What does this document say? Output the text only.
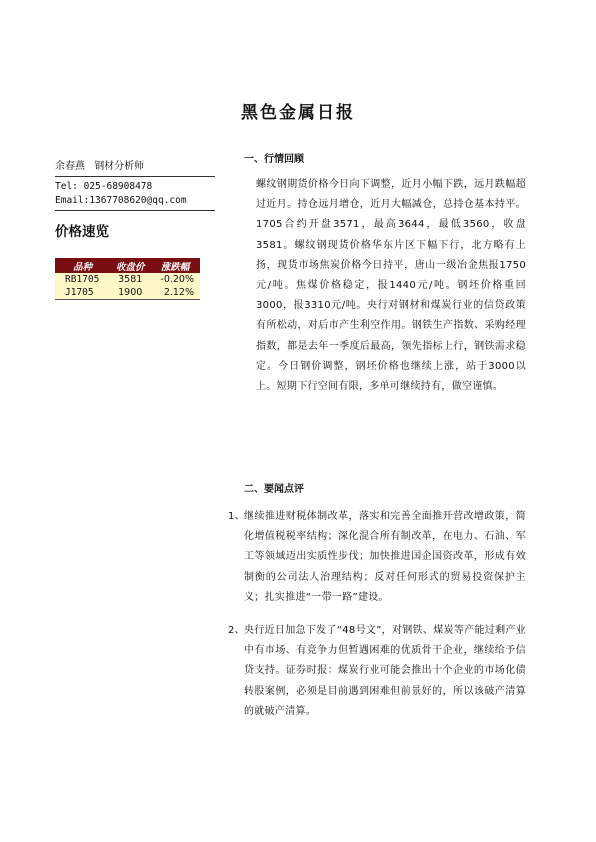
黑色金属日报
余春燕 钢材分析师
Tel: 025-68908478
Email:1367708620@qq.com
价格速览
品种	收盘价	涨跌幅
RB1705	3581	-0.20%
J1705	1900	2.12%
一、行情回顾
螺纹钢期货价格今日向下调整，近月小幅下跌，远月跌幅超过近月。持仓远月增仓，近月大幅减仓，总持仓基本持平。1705合约开盘3571，最高3644，最低3560，收盘3581。螺纹钢现货价格华东片区下幅下行，北方略有上扬，现货市场焦炭价格今日持平，唐山一级冶金焦报1750元/吨。焦煤价格稳定，报1440元/吨。钢坯价格重回3000，报3310元/吨。央行对钢材和煤炭行业的信贷政策有所松动，对后市产生利空作用。钢铁生产指数、采购经理指数，都是去年一季度后最高，领先指标上行，钢铁需求稳定。今日钢价调整，钢坯价格也继续上涨，站于3000以上。短期下行空间有限，多单可继续持有，做空谨慎。
二、要闻点评
1、 继续推进财税体制改革，落实和完善全面推开营改增政策，简化增值税税率结构；深化混合所有制改革，在电力、石油、军工等领域迈出实质性步伐；加快推进国企国资改革，形成有效制衡的公司法人治理结构；反对任何形式的贸易投资保护主义；扎实推进“一带一路”建设。
2、 央行近日加急下发了“48号文”，对钢铁、煤炭等产能过剩产业中有市场、有竞争力但暂遇困难的优质骨干企业，继续给予信贷支持。证券时报：煤炭行业可能会推出十个企业的市场化债转股案例，必须是目前遇到困难但前景好的，所以该破产清算的就破产清算。
